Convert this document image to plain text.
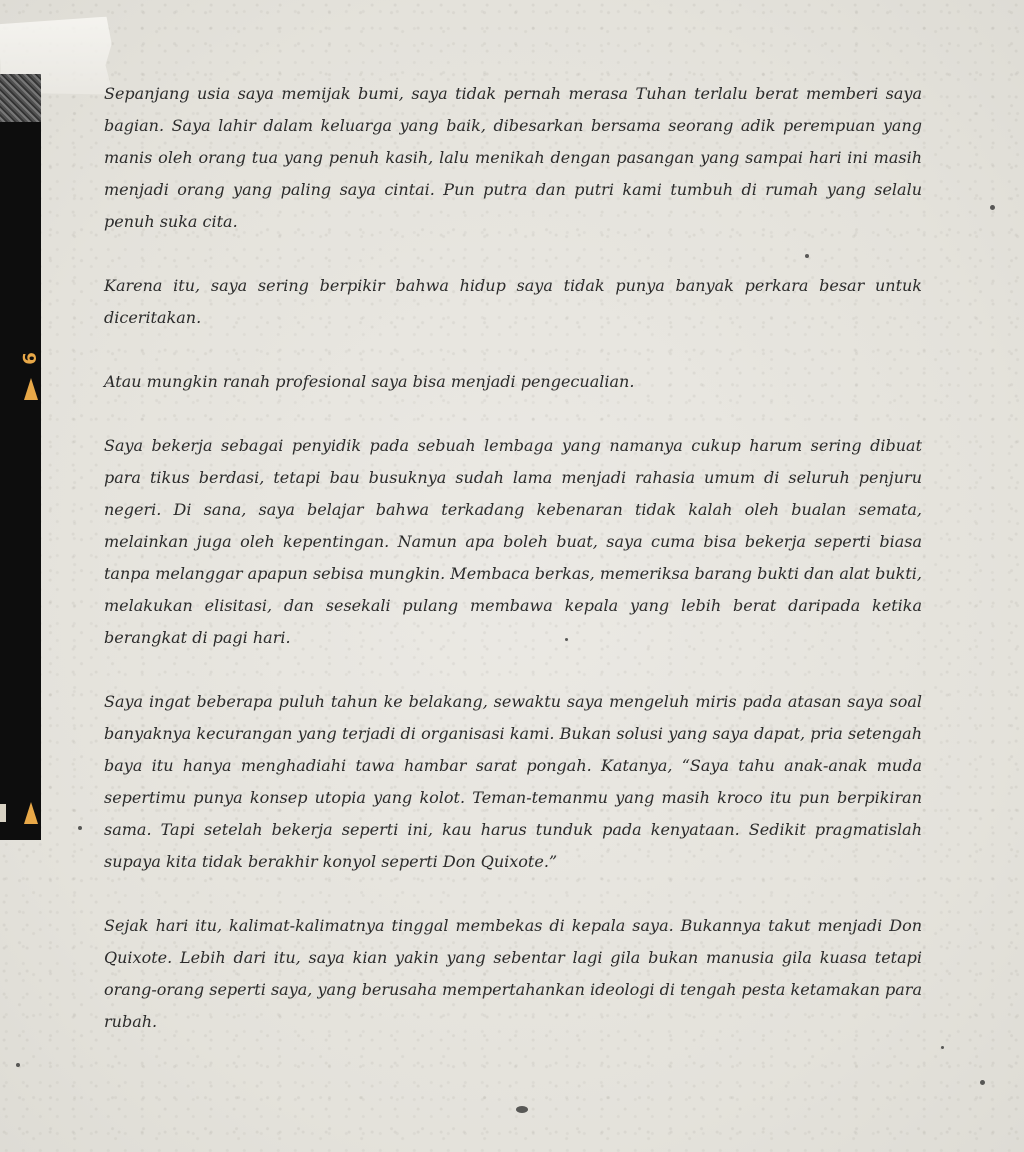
9

Sepanjang usia saya memijak bumi, saya tidak pernah merasa Tuhan terlalu berat memberi saya bagian. Saya lahir dalam keluarga yang baik, dibesarkan bersama seorang adik perempuan yang manis oleh orang tua yang penuh kasih, lalu menikah dengan pasangan yang sampai hari ini masih menjadi orang yang paling saya cintai. Pun putra dan putri kami tumbuh di rumah yang selalu penuh suka cita.

Karena itu, saya sering berpikir bahwa hidup saya tidak punya banyak perkara besar untuk diceritakan.

Atau mungkin ranah profesional saya bisa menjadi pengecualian.

Saya bekerja sebagai penyidik pada sebuah lembaga yang namanya cukup harum sering dibuat para tikus berdasi, tetapi bau busuknya sudah lama menjadi rahasia umum di seluruh penjuru negeri. Di sana, saya belajar bahwa terkadang kebenaran tidak kalah oleh bualan semata, melainkan juga oleh kepentingan. Namun apa boleh buat, saya cuma bisa bekerja seperti biasa tanpa melanggar apapun sebisa mungkin. Membaca berkas, memeriksa barang bukti dan alat bukti, melakukan elisitasi, dan sesekali pulang membawa kepala yang lebih berat daripada ketika berangkat di pagi hari.

Saya ingat beberapa puluh tahun ke belakang, sewaktu saya mengeluh miris pada atasan saya soal banyaknya kecurangan yang terjadi di organisasi kami. Bukan solusi yang saya dapat, pria setengah baya itu hanya menghadiahi tawa hambar sarat pongah. Katanya, “Saya tahu anak-anak muda sepertimu punya konsep utopia yang kolot. Teman-temanmu yang masih kroco itu pun berpikiran sama. Tapi setelah bekerja seperti ini, kau harus tunduk pada kenyataan. Sedikit pragmatislah supaya kita tidak berakhir konyol seperti Don Quixote.”

Sejak hari itu, kalimat-kalimatnya tinggal membekas di kepala saya. Bukannya takut menjadi Don Quixote. Lebih dari itu, saya kian yakin yang sebentar lagi gila bukan manusia gila kuasa tetapi orang-orang seperti saya, yang berusaha mempertahankan ideologi di tengah pesta ketamakan para rubah.
